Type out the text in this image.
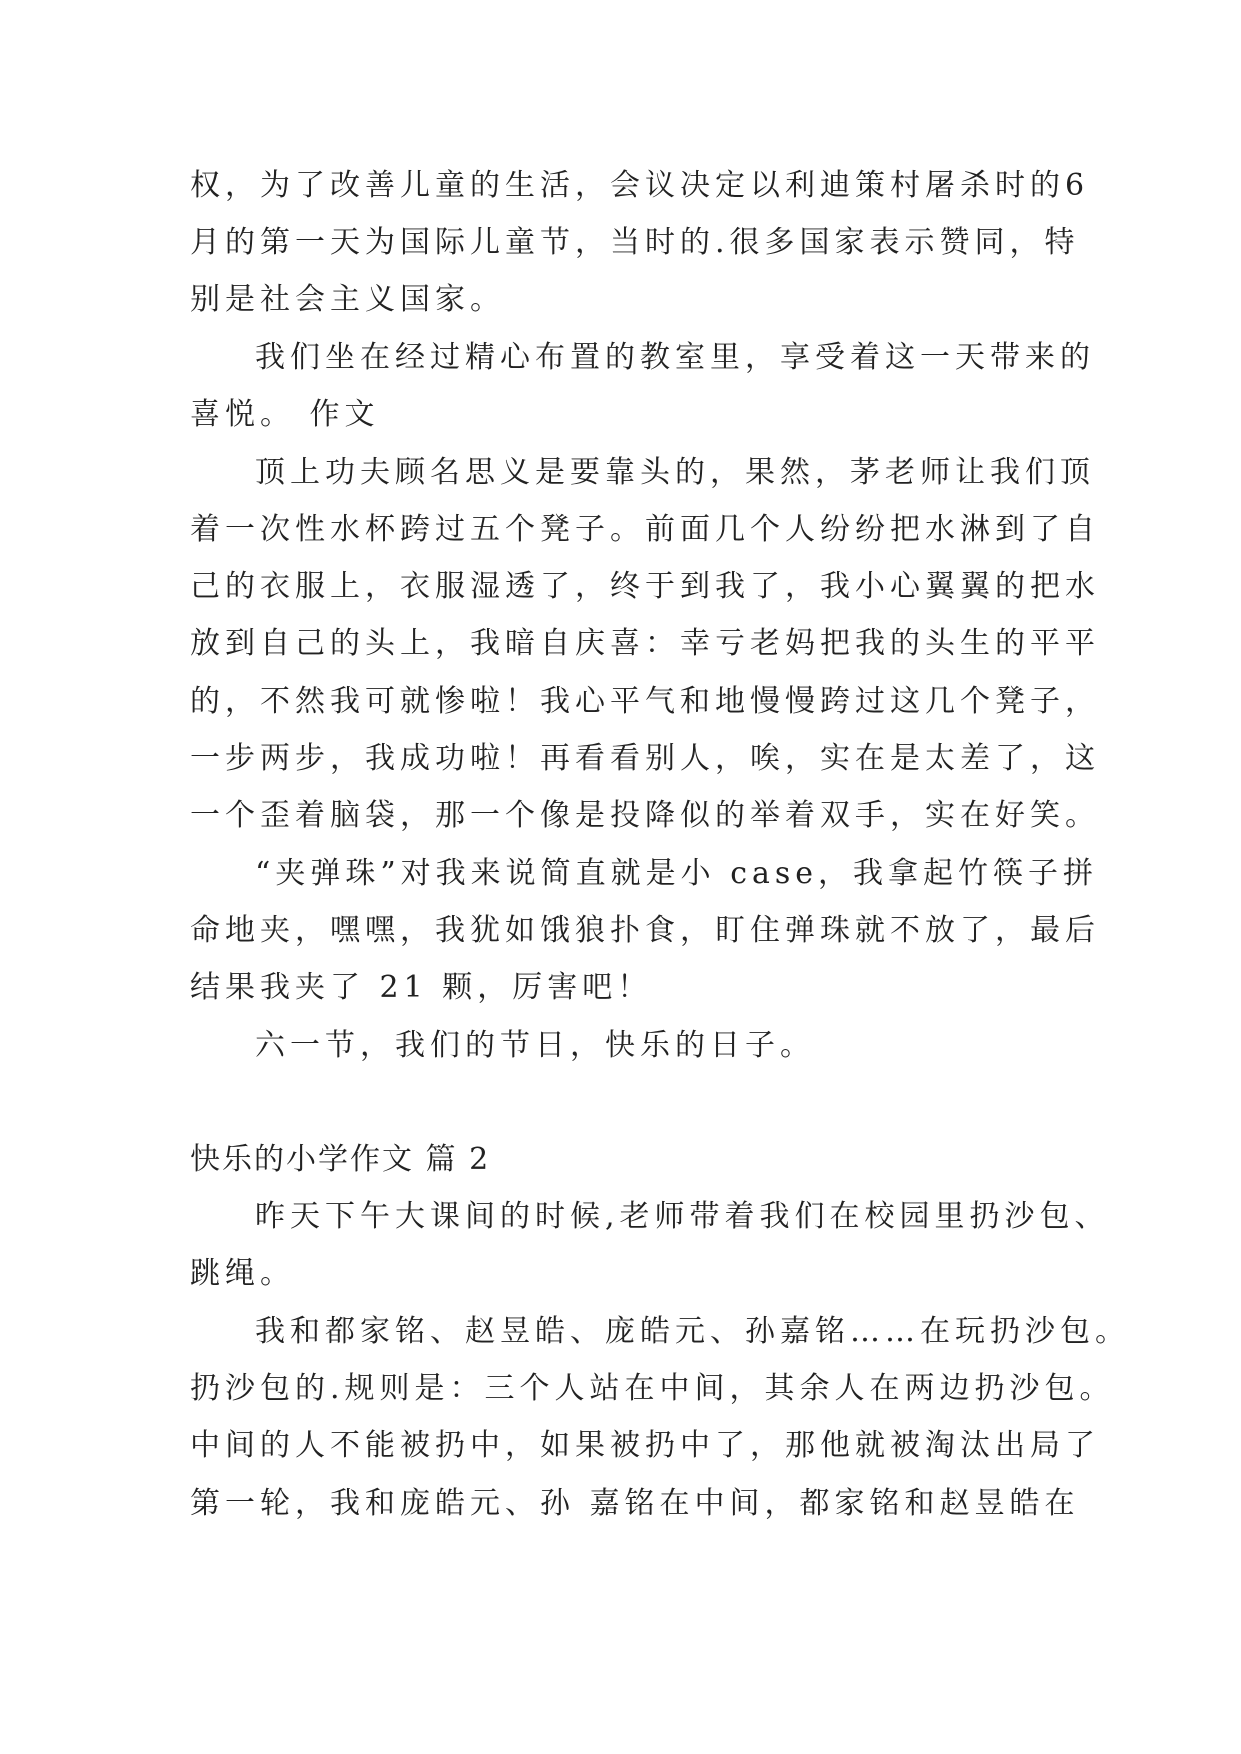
权，为了改善儿童的生活，会议决定以利迪策村屠杀时的6

月的第一天为国际儿童节，当时的.很多国家表示赞同，特

别是社会主义国家。

我们坐在经过精心布置的教室里，享受着这一天带来的

喜悦。 作文

顶上功夫顾名思义是要靠头的，果然，茅老师让我们顶

着一次性水杯跨过五个凳子。前面几个人纷纷把水淋到了自

己的衣服上，衣服湿透了，终于到我了，我小心翼翼的把水

放到自己的头上，我暗自庆喜：幸亏老妈把我的头生的平平

的，不然我可就惨啦！我心平气和地慢慢跨过这几个凳子，

一步两步，我成功啦！再看看别人，唉，实在是太差了，这

一个歪着脑袋，那一个像是投降似的举着双手，实在好笑。

“夹弹珠”对我来说简直就是小 case，我拿起竹筷子拼

命地夹，嘿嘿，我犹如饿狼扑食，盯住弹珠就不放了，最后

结果我夹了 21 颗，厉害吧！

六一节，我们的节日，快乐的日子。

快乐的小学作文 篇 2

昨天下午大课间的时候,老师带着我们在校园里扔沙包、

跳绳。

我和都家铭、赵昱皓、庞皓元、孙嘉铭……在玩扔沙包。

扔沙包的.规则是：三个人站在中间，其余人在两边扔沙包。

中间的人不能被扔中，如果被扔中了，那他就被淘汰出局了

第一轮，我和庞皓元、孙 嘉铭在中间，都家铭和赵昱皓在
